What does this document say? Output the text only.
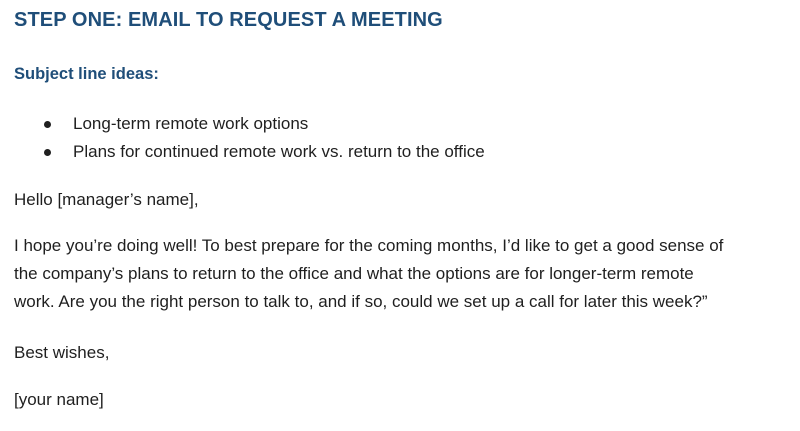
STEP ONE: EMAIL TO REQUEST A MEETING
Subject line ideas:
Long-term remote work options
Plans for continued remote work vs. return to the office

Hello [manager’s name],

I hope you’re doing well! To best prepare for the coming months, I’d like to get a good sense of
the company’s plans to return to the office and what the options are for longer-term remote
work. Are you the right person to talk to, and if so, could we set up a call for later this week?”

Best wishes,

[your name]
